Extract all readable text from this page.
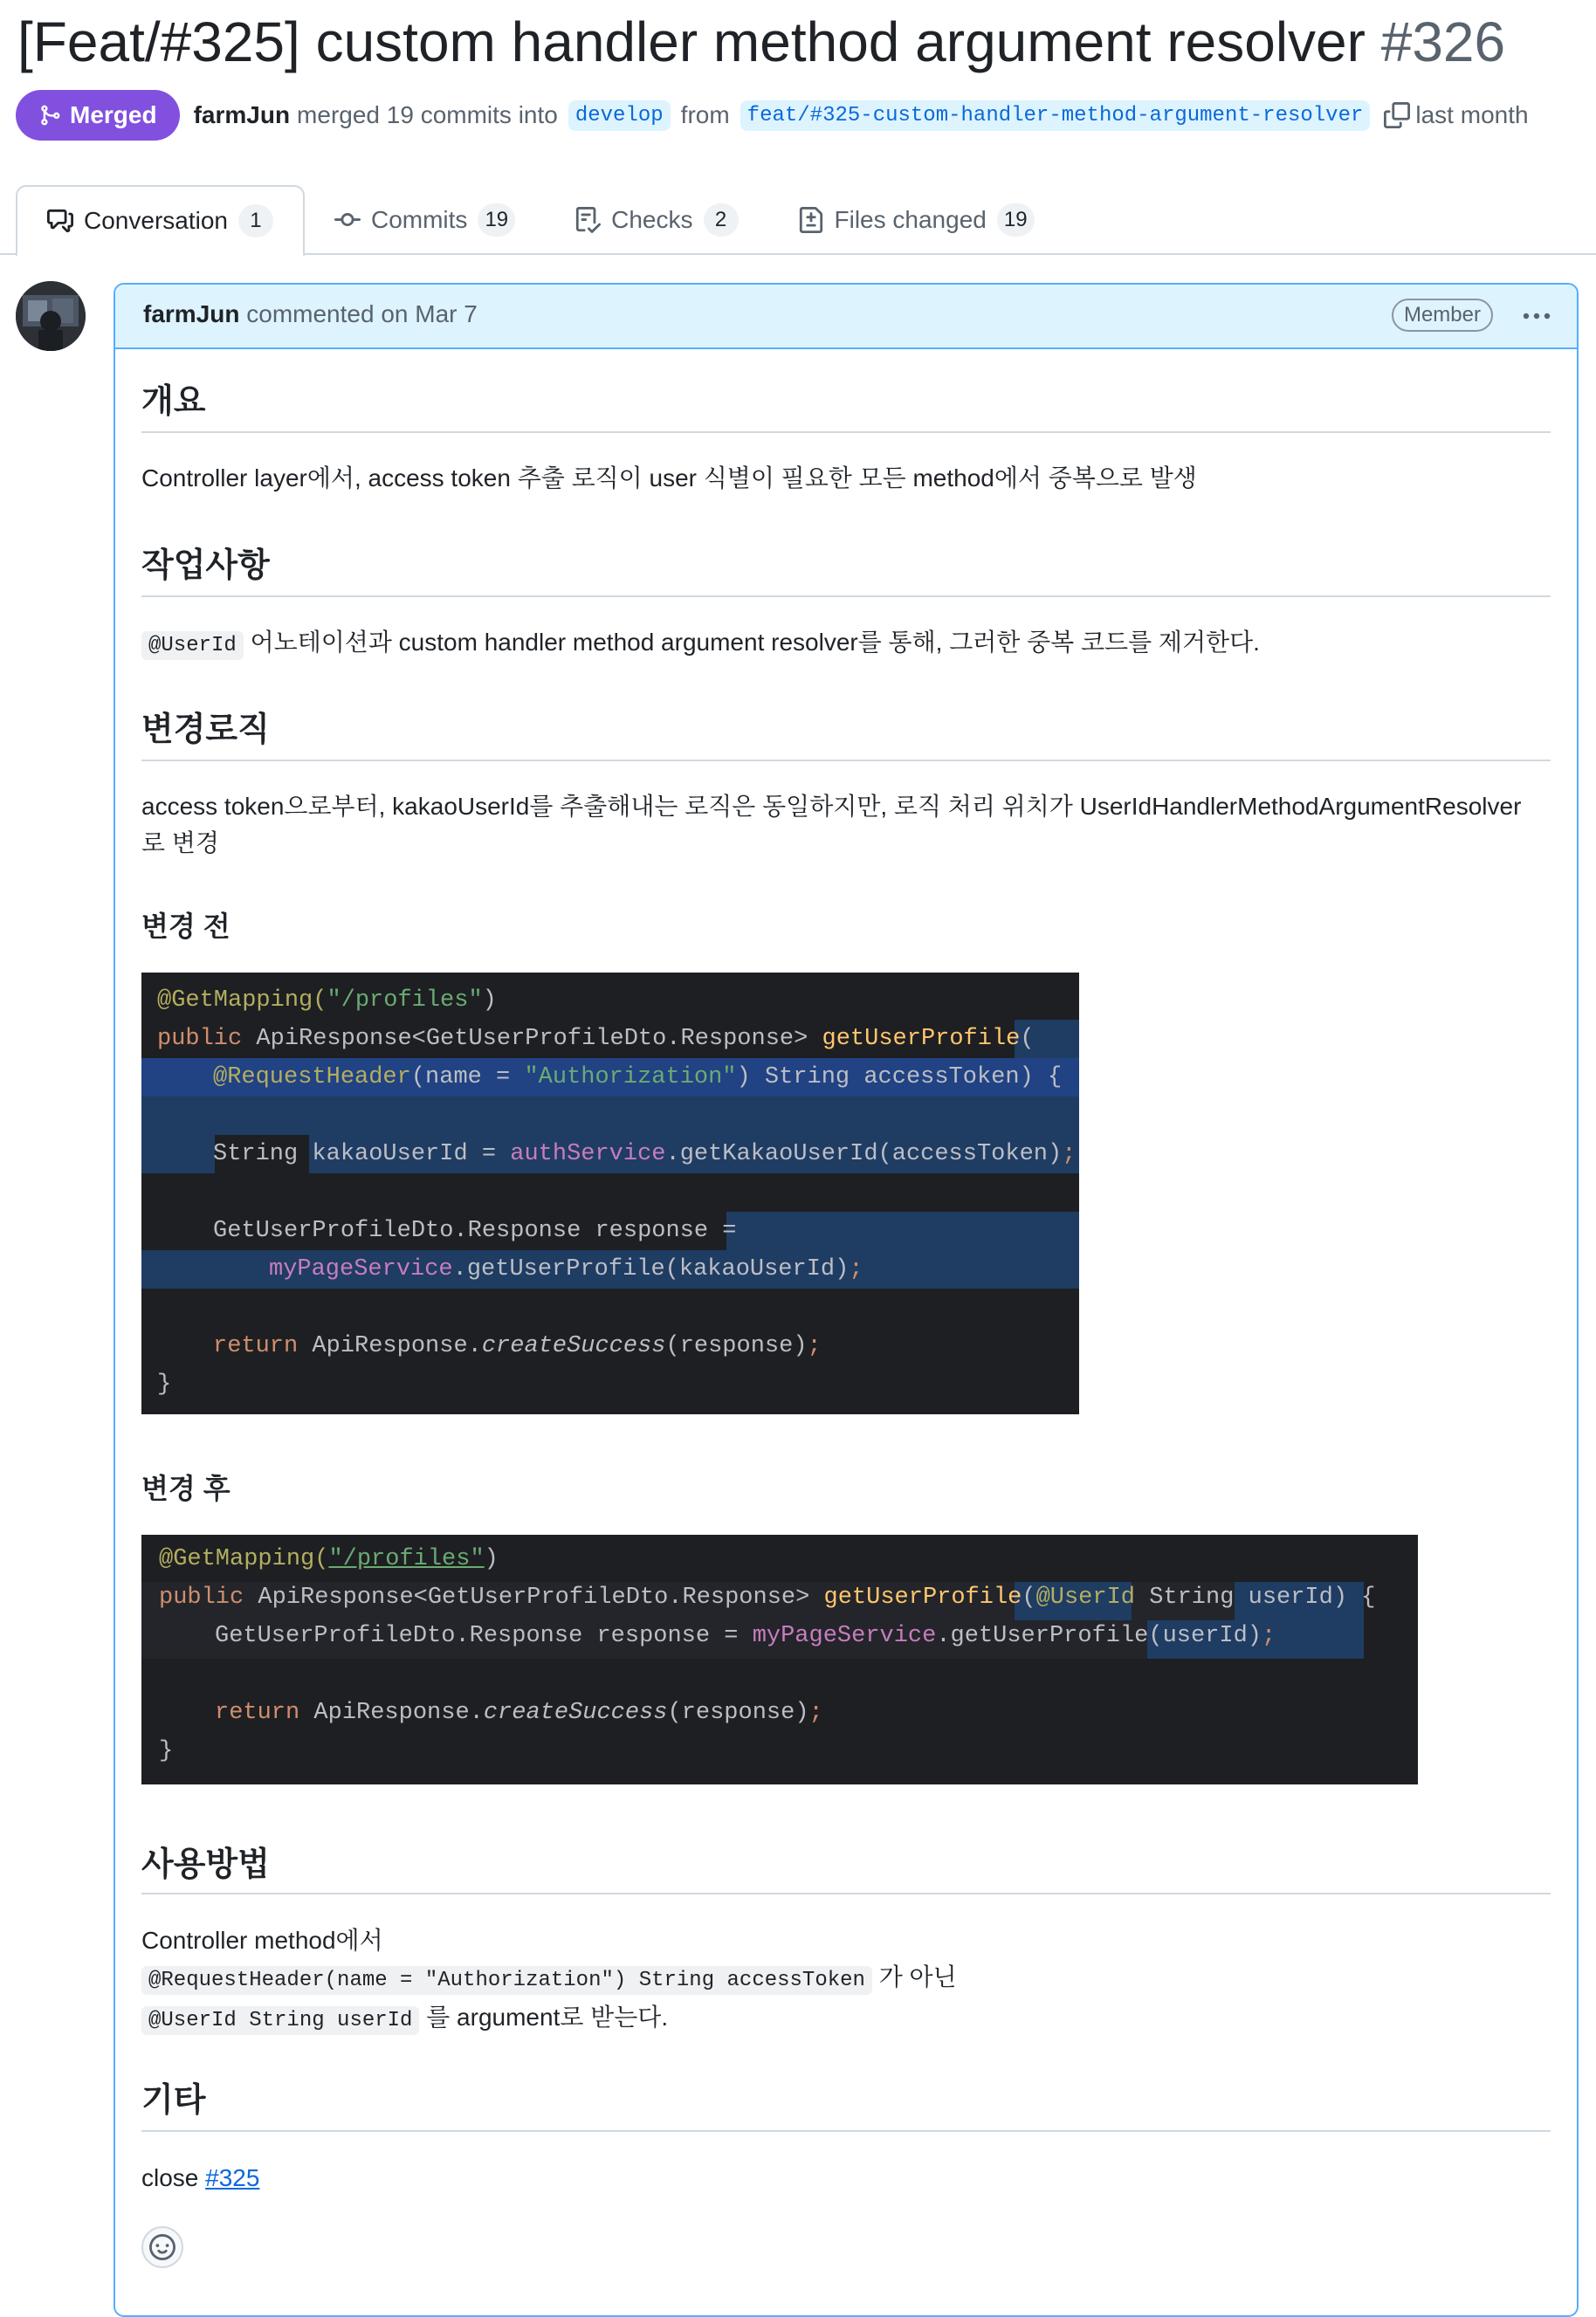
[Feat/#325] custom handler method argument resolver #326
Merged farmJun merged 19 commits into develop from feat/#325-custom-handler-method-argument-resolver last month
Conversation	1	Commits 19	Checks	2	Files changed 19
farmJun commented on Mar 7	Member
개요

Controller layer에서, access token 추출 로직이 user 식별이 필요한 모든 method에서 중복으로 발생

작업사항

@UserId 어노테이션과 custom handler method argument resolver를 통해, 그러한 중복 코드를 제거한다.

변경로직

access token으로부터, kakaoUserId를 추출해내는 로직은 동일하지만, 로직 처리 위치가 UserIdHandlerMethodArgumentResolver로 변경

변경 전
@GetMapping("/profiles")
public ApiResponse<GetUserProfileDto.Response> getUserProfile(
@RequestHeader(name = "Authorization") String accessToken) {
String kakaoUserId = authService.getKakaoUserId(accessToken);
GetUserProfileDto.Response response =
myPageService.getUserProfile(kakaoUserId);
return ApiResponse.createSuccess(response);
}
변경 후
@GetMapping("/profiles")
public ApiResponse<GetUserProfileDto.Response> getUserProfile(@UserId String userId) {
GetUserProfileDto.Response response = myPageService.getUserProfile(userId);
return ApiResponse.createSuccess(response);
}
사용방법

Controller method에서
@RequestHeader(name = "Authorization") String accessToken 가 아닌
@UserId String userId 를 argument로 받는다.

기타

close #325
